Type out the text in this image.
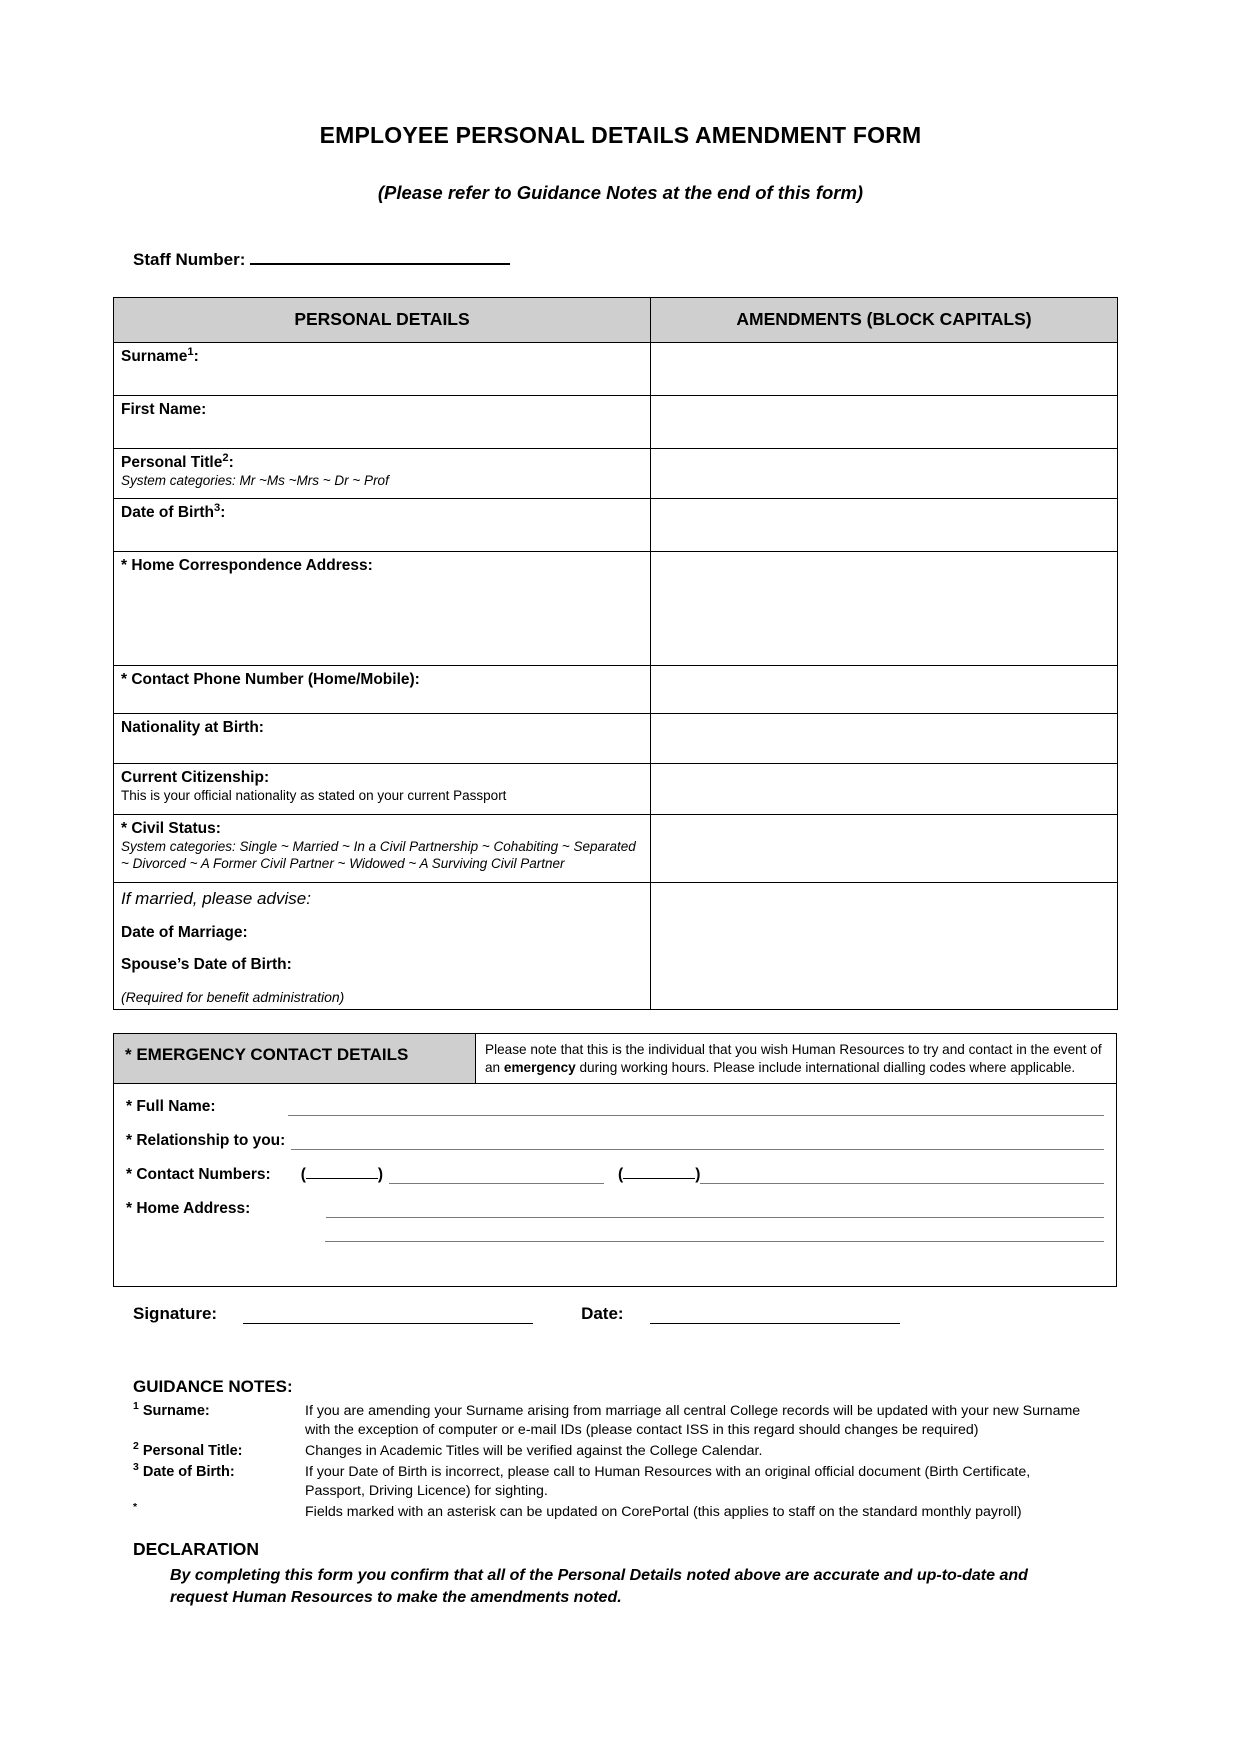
EMPLOYEE PERSONAL DETAILS AMENDMENT FORM
(Please refer to Guidance Notes at the end of this form)
Staff Number:
PERSONAL DETAILS	AMENDMENTS (BLOCK CAPITALS)
Surname$^1$:	
First Name:	

Personal Title$^2$:
System categories: Mr ~Ms ~Mrs ~ Dr ~ Prof	

Date of Birth$^3$:	
* Home Correspondence Address:	
* Contact Phone Number (Home/Mobile):	
Nationality at Birth:	

Current Citizenship:
This is your official nationality as stated on your current Passport	

* Civil Status:
System categories: Single ~ Married ~ In a Civil Partnership ~ Cohabiting ~ Separated ~ Divorced ~ A Former Civil Partner ~ Widowed ~ A Surviving Civil Partner	

If married, please advise:
Date of Marriage:
Spouse’s Date of Birth:
(Required for benefit administration)	

* EMERGENCY CONTACT DETAILS	Please note that this is the individual that you wish Human Resources to try and contact in the event of an emergency during working hours. Please include international dialling codes where applicable.

* Full Name:
* Relationship to you:
* Contact Numbers: (	)	(	)
* Home Address:
Signature:	Date:
GUIDANCE NOTES:
$^1$ Surname:	If you are amending your Surname arising from marriage all central College records will be updated with your new Surname with the exception of computer or e-mail IDs (please contact ISS in this regard should changes be required)
$^2$ Personal Title:	Changes in Academic Titles will be verified against the College Calendar.
$^3$ Date of Birth:	If your Date of Birth is incorrect, please call to Human Resources with an original official document (Birth Certificate, Passport, Driving Licence) for sighting.
*	Fields marked with an asterisk can be updated on CorePortal (this applies to staff on the standard monthly payroll)
DECLARATION
By completing this form you confirm that all of the Personal Details noted above are accurate and up-to-date and request Human Resources to make the amendments noted.
